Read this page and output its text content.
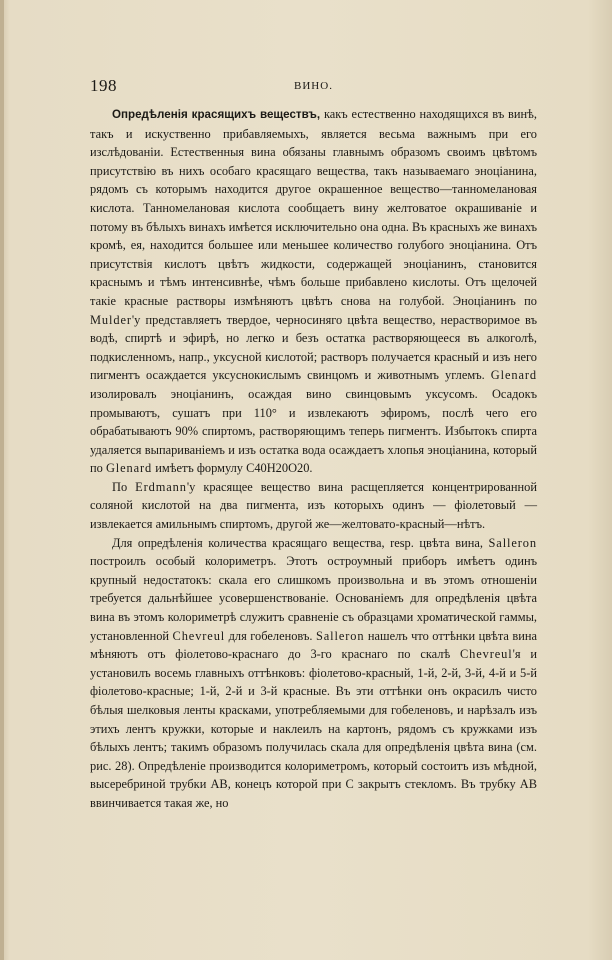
198	ВИНО.

Опредѣленія красящихъ веществъ, какъ естественно находящихся въ винѣ, такъ и искуственно прибавляемыхъ, является весьма важнымъ при его изслѣдованіи. Естественныя вина обязаны главнымъ образомъ своимъ цвѣтомъ присутствію въ нихъ особаго красящаго вещества, такъ называемаго эноціанина, рядомъ съ которымъ находится другое окрашенное вещество—танномелановая кислота. Танномелановая кислота сообщаетъ вину желтоватое окрашиваніе и потому въ бѣлыхъ винахъ имѣется исключительно она одна. Въ красныхъ же винахъ кромѣ, ея, находится большее или меньшее количество голубого эноціанина. Отъ присутствія кислотъ цвѣтъ жидкости, содержащей эноціанинъ, становится краснымъ и тѣмъ интенсивнѣе, чѣмъ больше прибавлено кислоты. Отъ щелочей такіе красные растворы измѣняютъ цвѣтъ снова на голубой. Эноціанинъ по Mulder'у представляетъ твердое, черносиняго цвѣта вещество, нерастворимое въ водѣ, спиртѣ и эфирѣ, но легко и безъ остатка растворяющееся въ алкоголѣ, подкисленномъ, напр., уксусной кислотой; растворъ получается красный и изъ него пигментъ осаждается уксуснокислымъ свинцомъ и животнымъ углемъ. Glenard изолировалъ эноціанинъ, осаждая вино свинцовымъ уксусомъ. Осадокъ промываютъ, сушатъ при 110° и извлекаютъ эфиромъ, послѣ чего его обрабатываютъ 90% спиртомъ, растворяющимъ теперь пигментъ. Избытокъ спирта удаляется выпариваніемъ и изъ остатка вода осаждаетъ хлопья эноціанина, который по Glenard имѣетъ формулу C40H20O20.

По Erdmann'у красящее вещество вина расщепляется концентрированной соляной кислотой на два пигмента, изъ которыхъ одинъ — фіолетовый — извлекается амильнымъ спиртомъ, другой же—желтовато-красный—нѣтъ.

Для опредѣленія количества красящаго вещества, resp. цвѣта вина, Salleron построилъ особый колориметръ. Этотъ остроумный приборъ имѣетъ одинъ крупный недостатокъ: скала его слишкомъ произвольна и въ этомъ отношеніи требуется дальнѣйшее усовершенствованіе. Основаніемъ для опредѣленія цвѣта вина въ этомъ колориметрѣ служитъ сравненіе съ образцами хроматической гаммы, установленной Chevreul для гобеленовъ. Salleron нашелъ что оттѣнки цвѣта вина мѣняютъ отъ фіолетово-краснаго до 3-го краснаго по скалѣ Chevreul'я и установилъ восемь главныхъ оттѣнковъ: фіолетово-красный, 1-й, 2-й, 3-й, 4-й и 5-й фіолетово-красные; 1-й, 2-й и 3-й красные. Въ эти оттѣнки онъ окрасилъ чисто бѣлыя шелковыя ленты красками, употребляемыми для гобеленовъ, и нарѣзалъ изъ этихъ лентъ кружки, которые и наклеилъ на картонъ, рядомъ съ кружками изъ бѣлыхъ лентъ; такимъ образомъ получилась скала для опредѣленія цвѣта вина (см. рис. 28). Опредѣленіе производится колориметромъ, который состоитъ изъ мѣдной, высеребриной трубки АВ, конецъ которой при С закрытъ стекломъ. Въ трубку АВ ввинчивается такая же, но
